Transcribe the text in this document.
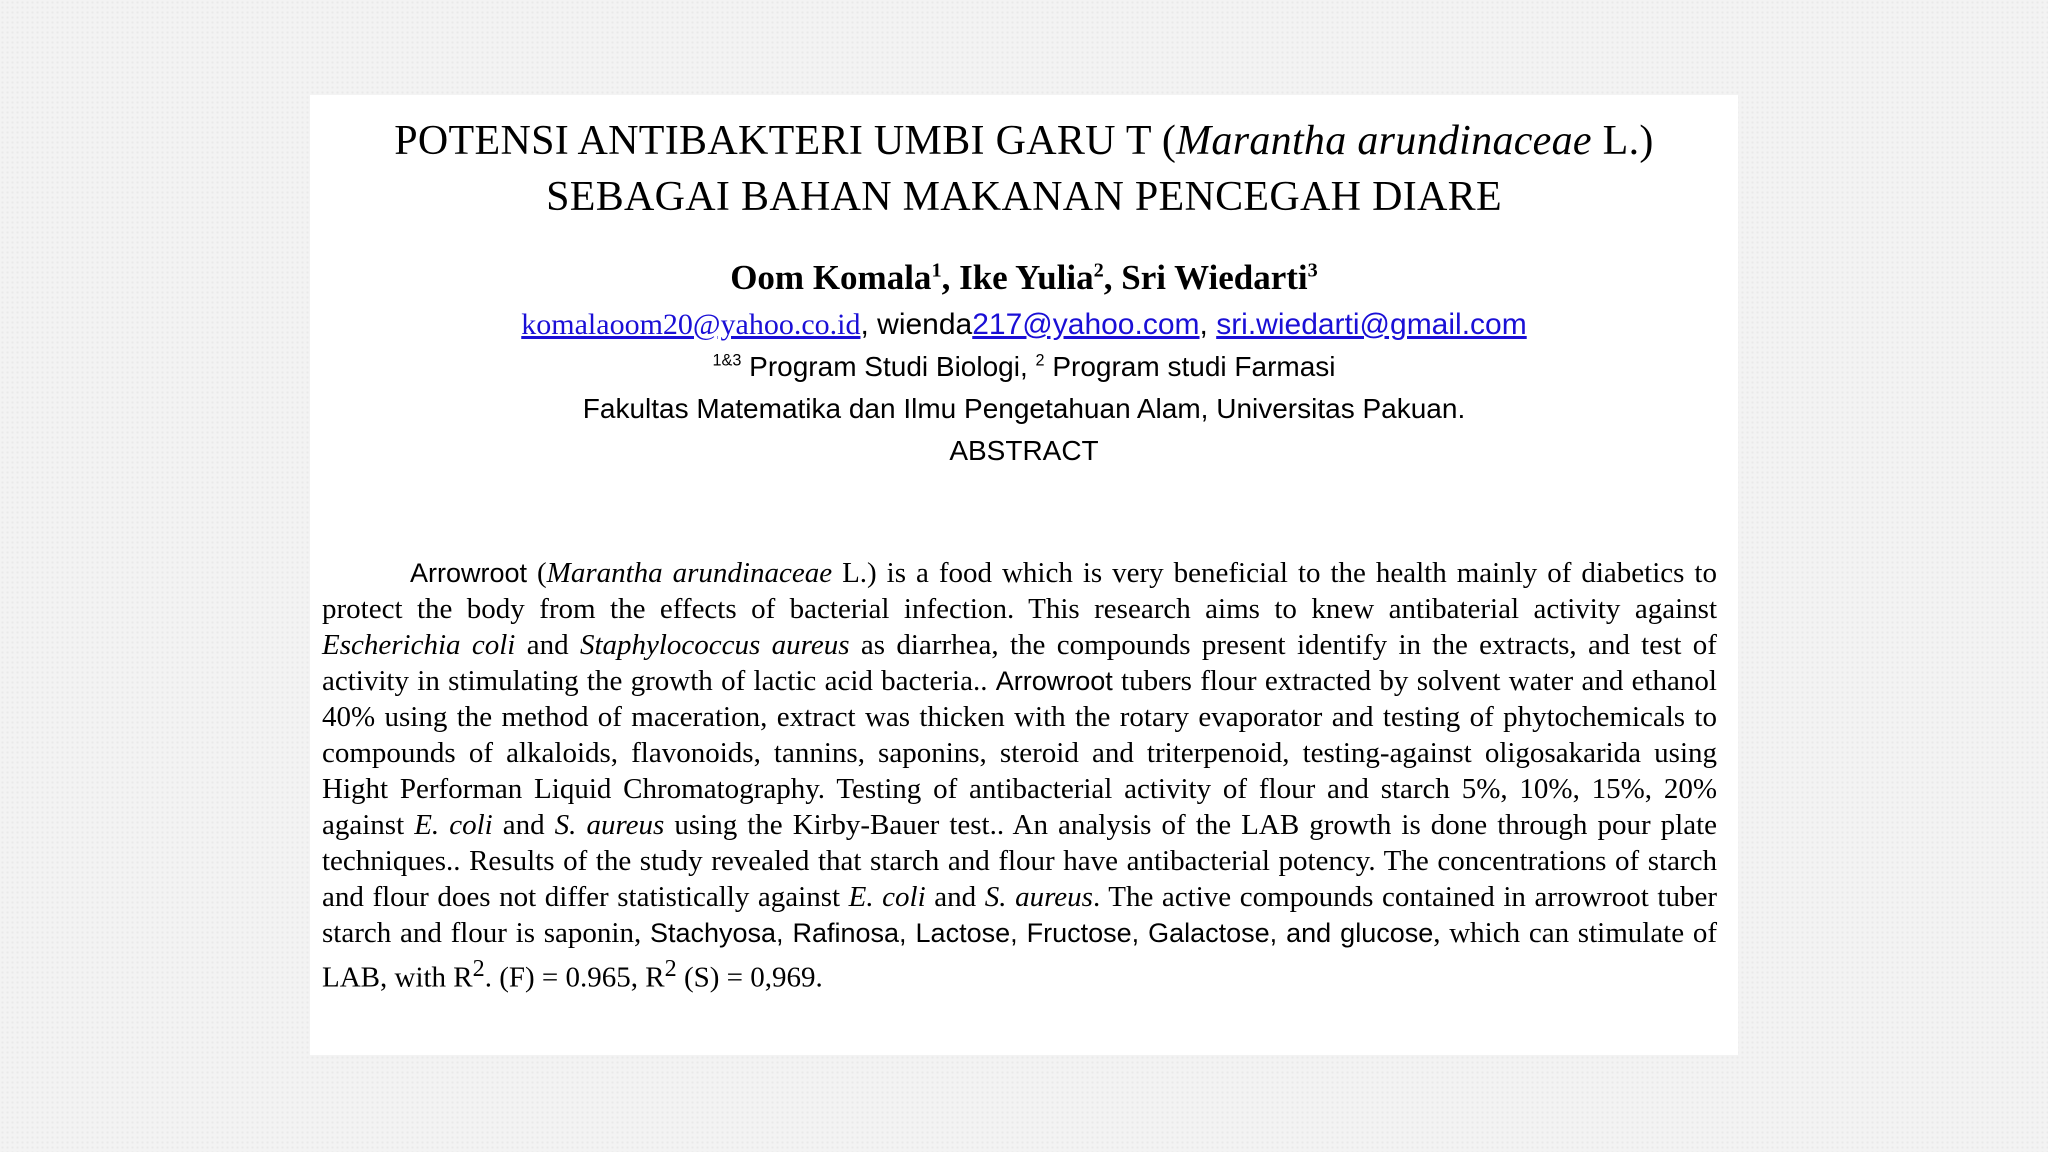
POTENSI ANTIBAKTERI UMBI GARU T (Marantha arundinaceae L.)
SEBAGAI BAHAN MAKANAN PENCEGAH DIARE
Oom Komala$^1$, Ike Yulia$^2$, Sri Wiedarti$^3$
komalaoom20@yahoo.co.id, wienda217@yahoo.com, sri.wiedarti@gmail.com
$^{1\&3}$ Program Studi Biologi, $^2$ Program studi Farmasi
Fakultas Matematika dan Ilmu Pengetahuan Alam, Universitas Pakuan.
ABSTRACT

Arrowroot (Marantha arundinaceae L.) is a food which is very beneficial to the health mainly of diabetics to protect the body from the effects of bacterial infection. This research aims to knew antibaterial activity against Escherichia coli and Staphylococcus aureus as diarrhea, the compounds present identify in the extracts, and test of activity in stimulating the growth of lactic acid bacteria.. Arrowroot tubers flour extracted by solvent water and ethanol 40% using the method of maceration, extract was thicken with the rotary evaporator and testing of phytochemicals to compounds of alkaloids, flavonoids, tannins, saponins, steroid and triterpenoid, testing-against oligosakarida using Hight Performan Liquid Chromatography. Testing of antibacterial activity of flour and starch 5%, 10%, 15%, 20% against E. coli and S. aureus using the Kirby-Bauer test.. An analysis of the LAB growth is done through pour plate techniques.. Results of the study revealed that starch and flour have antibacterial potency. The concentrations of starch and flour does not differ statistically against E. coli and S. aureus. The active compounds contained in arrowroot tuber starch and flour is saponin, Stachyosa, Rafinosa, Lactose, Fructose, Galactose, and glucose, which can stimulate of LAB, with $R^2$. (F) = 0.965, $R^2$ (S) = 0,969.
